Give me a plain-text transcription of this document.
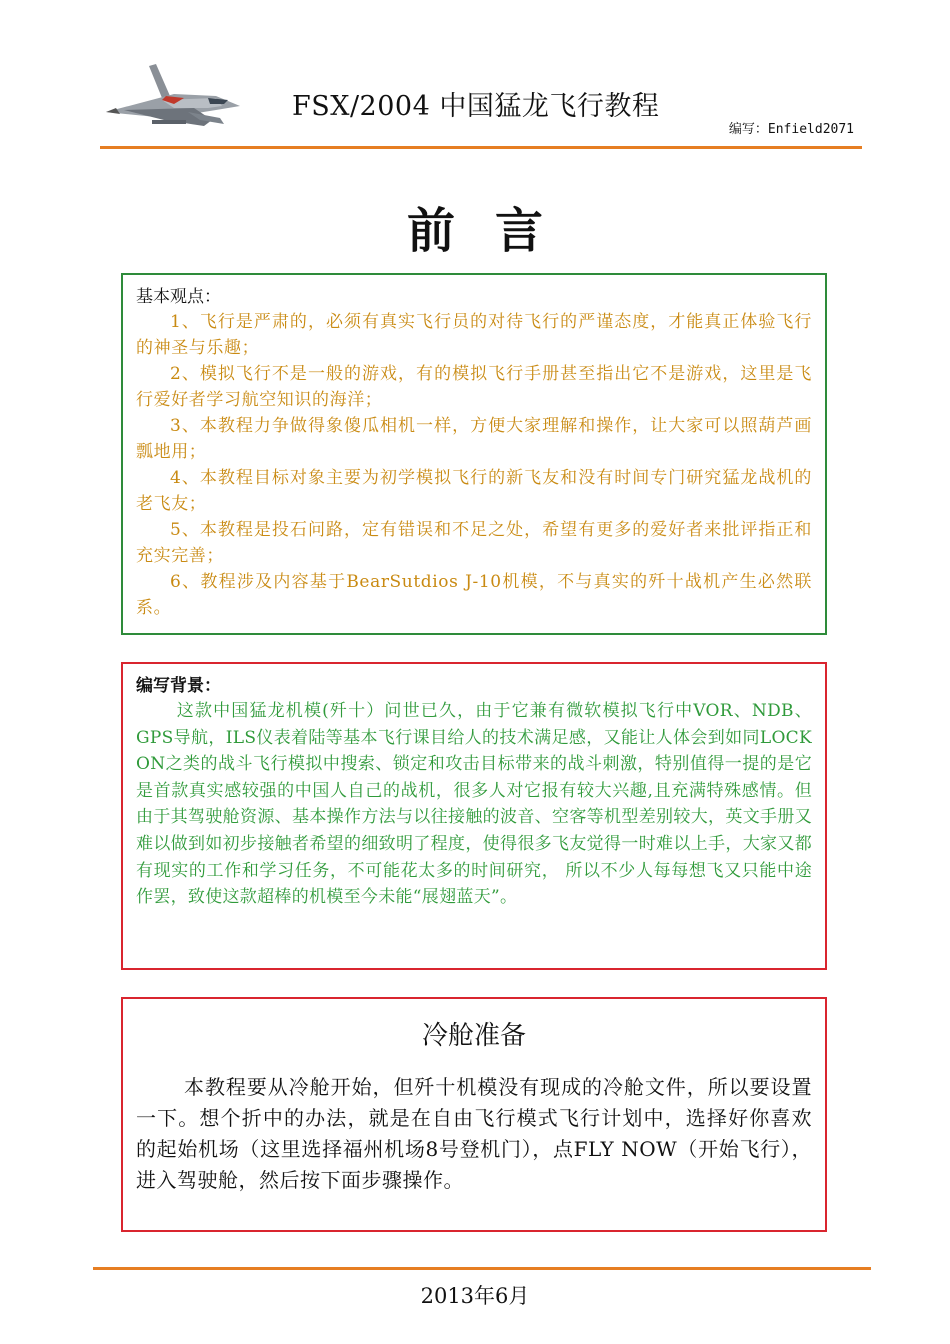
FSX/2004 中国猛龙飞行教程
编写：Enfield2071
前言
基本观点：
1、飞行是严肃的，必须有真实飞行员的对待飞行的严谨态度，才能真正体验飞行的神圣与乐趣；
2、模拟飞行不是一般的游戏，有的模拟飞行手册甚至指出它不是游戏，这里是飞行爱好者学习航空知识的海洋；
3、本教程力争做得象傻瓜相机一样，方便大家理解和操作，让大家可以照葫芦画瓢地用；
4、本教程目标对象主要为初学模拟飞行的新飞友和没有时间专门研究猛龙战机的老飞友；
5、本教程是投石问路，定有错误和不足之处，希望有更多的爱好者来批评指正和充实完善；
6、教程涉及内容基于BearSutdios J-10机模，不与真实的歼十战机产生必然联系。
编写背景：

这款中国猛龙机模(歼十）问世已久，由于它兼有微软模拟飞行中VOR、NDB、GPS导航，ILS仪表着陆等基本飞行课目给人的技术满足感，又能让人体会到如同LOCK ON之类的战斗飞行模拟中搜索、锁定和攻击目标带来的战斗刺激，特别值得一提的是它是首款真实感较强的中国人自己的战机，很多人对它报有较大兴趣,且充满特殊感情。但由于其驾驶舱资源、基本操作方法与以往接触的波音、空客等机型差别较大，英文手册又难以做到如初步接触者希望的细致明了程度，使得很多飞友觉得一时难以上手，大家又都有现实的工作和学习任务，不可能花太多的时间研究， 所以不少人每每想飞又只能中途作罢，致使这款超棒的机模至今未能“展翅蓝天”。

冷舱准备

本教程要从冷舱开始，但歼十机模没有现成的冷舱文件，所以要设置一下。想个折中的办法，就是在自由飞行模式飞行计划中，选择好你喜欢的起始机场（这里选择福州机场8号登机门），点FLY NOW（开始飞行），进入驾驶舱，然后按下面步骤操作。

2013年6月
